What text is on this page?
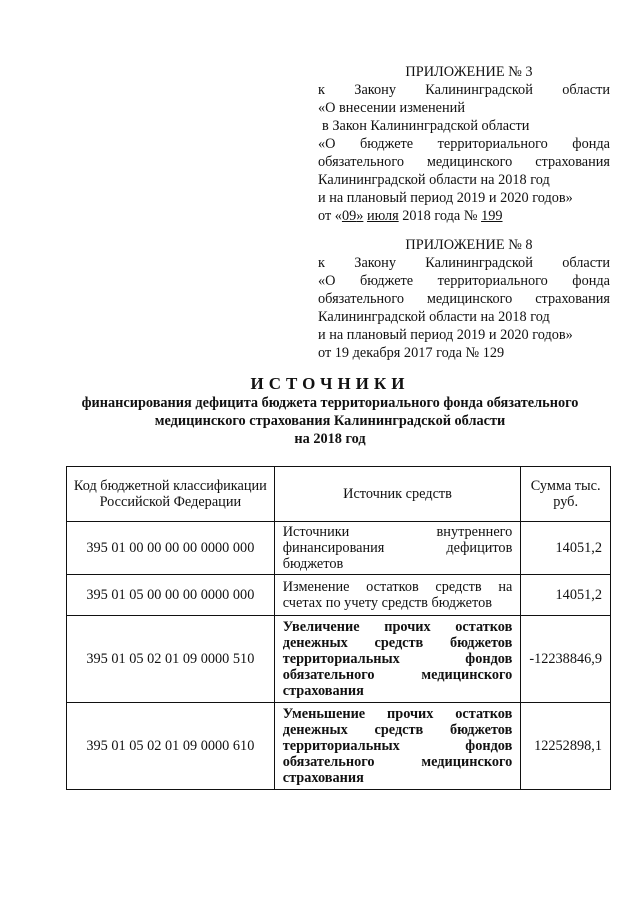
ПРИЛОЖЕНИЕ № 3
к Закону Калининградской области
«О внесении изменений
в Закон Калининградской области
«О бюджете территориального фонда
обязательного медицинского страхования
Калининградской области на 2018 год
и на плановый период 2019 и 2020 годов»
от «09» июля 2018 года № 199
ПРИЛОЖЕНИЕ № 8
к Закону Калининградской области
«О бюджете территориального фонда
обязательного медицинского страхования
Калининградской области на 2018 год
и на плановый период 2019 и 2020 годов»
от 19 декабря 2017 года № 129
ИСТОЧНИКИ
финансирования дефицита бюджета территориального фонда обязательного
медицинского страхования Калининградской области
на 2018 год
Код бюджетной классификации Российской Федерации	Источник средств	Сумма тыс. руб.
395 01 00 00 00 00 0000 000	Источники внутреннего финансирования дефицитов бюджетов	14051,2
395 01 05 00 00 00 0000 000	Изменение остатков средств на счетах по учету средств бюджетов	14051,2
395 01 05 02 01 09 0000 510	Увеличение прочих остатков денежных средств бюджетов территориальных фондов обязательного медицинского страхования	-12238846,9
395 01 05 02 01 09 0000 610	Уменьшение прочих остатков денежных средств бюджетов территориальных фондов обязательного медицинского страхования	12252898,1
